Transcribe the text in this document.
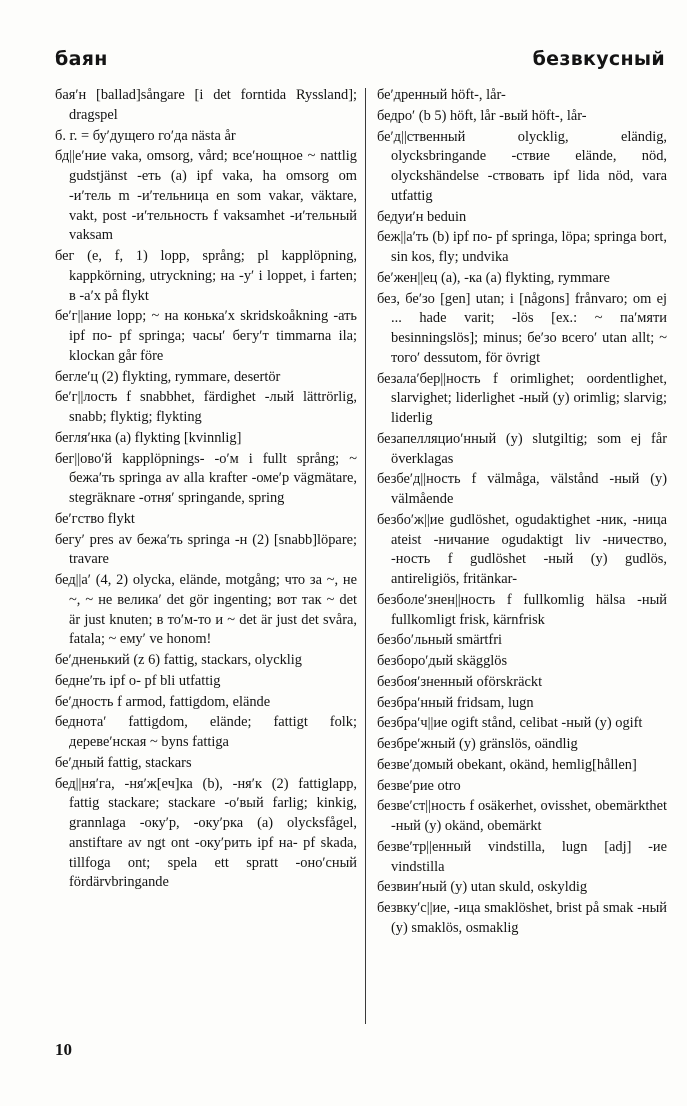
баян	безвкусный

бая′н [ballad]sångare [i det forntida Ryssland]; dragspel

б. г. = бу′дущего го′да nästa år

бд||е′ние vaka, omsorg, vård; все′нощное ~ nattlig gudstjänst -еть (a) ipf vaka, ha omsorg om -и′тель m -и′тельница en som vakar, väktare, vakt, post -и′тельность f vaksamhet -и′тельный vaksam

бег (e, f, 1) lopp, språng; pl kapplöpning, kappkörning, utryckning; на -у′ i loppet, i farten; в -а′х på flykt

бе′г||ание lopp; ~ на конька′х skridskoåkning -ать ipf по- pf springa; часы′ бегу′т timmarna ila; klockan går före

бегле′ц (2) flykting, rymmare, desertör

бе′г||лость f snabbhet, färdighet -лый lättrörlig, snabb; flyktig; flykting

бегля′нка (a) flykting [kvinnlig]

бег||ово′й kapplöpnings- -о′м i fullt språng; ~ бежа′ть springa av alla krafter -оме′р vägmätare, stegräknare -отня′ springande, spring

бе′гство flykt

бегу′ pres av бежа′ть springa -н (2) [snabb]löpare; travare

бед||а′ (4, 2) olycka, elände, motgång; что за ~, не ~, ~ не велика′ det gör ingenting; вот так ~ det är just knuten; в то′м-то и ~ det är just det svåra, fatala; ~ ему′ ve honom!

бе′дненький (z 6) fattig, stackars, olycklig

бедне′ть ipf о- pf bli utfattig

бе′дность f armod, fattigdom, elände

беднота′ fattigdom, elände; fattigt folk; дереве′нская ~ byns fattiga

бе′дный fattig, stackars

бед||ня′га, -ня′ж[еч]ка (b), -ня′к (2) fattiglapp, fattig stackare; stackare -о′вый farlig; kinkig, grannlaga -оку′р, -оку′рка (a) olycksfågel, anstiftare av ngt ont -оку′рить ipf на- pf skada, tillfoga ont; spela ett spratt -оно′сный fördärvbringande

бе′дренный höft-, lår-

бедро′ (b 5) höft, lår -вый höft-, lår-

бе′д||ственный olycklig, eländig, olycksbringande -ствие elände, nöd, olyckshändelse -ствовать ipf lida nöd, vara utfattig

бедуи′н beduin

беж||а′ть (b) ipf по- pf springa, löpa; springa bort, sin kos, fly; undvika

бе′жен||ец (a), -ка (a) flykting, rymmare

без, бе′зо [gen] utan; i [någons] frånvaro; om ej ... hade varit; -lös [ex.: ~ па′мяти besinningslös]; minus; бе′зо всего′ utan allt; ~ того′ dessutom, för övrigt

безала′бер||ность f orimlighet; oordentlighet, slarvighet; liderlighet -ный (y) orimlig; slarvig; liderlig

безапелляцио′нный (y) slutgiltig; som ej får överklagas

безбе′д||ность f välmåga, välstånd -ный (y) välmående

безбо′ж||ие gudlöshet, ogudaktighet -ник, -ница ateist -ничание ogudaktigt liv -ничество, -ность f gudlöshet -ный (y) gudlös, antireligiös, fritänkar-

безболе′знен||ность f fullkomlig hälsa -ный fullkomligt frisk, kärnfrisk

безбо′льный smärtfri

безборо′дый skägglös

безбоя′зненный oförskräckt

безбра′нный fridsam, lugn

безбра′ч||ие ogift stånd, celibat -ный (y) ogift

безбре′жный (y) gränslös, oändlig

безве′домый obekant, okänd, hemlig[hållen]

безве′рие otro

безве′ст||ность f osäkerhet, ovisshet, obemärkthet -ный (y) okänd, obemärkt

безве′тр||енный vindstilla, lugn [adj] -ие vindstilla

безвин′ный (y) utan skuld, oskyldig

безвку′с||ие, -ица smaklöshet, brist på smak -ный (y) smaklös, osmaklig

10
